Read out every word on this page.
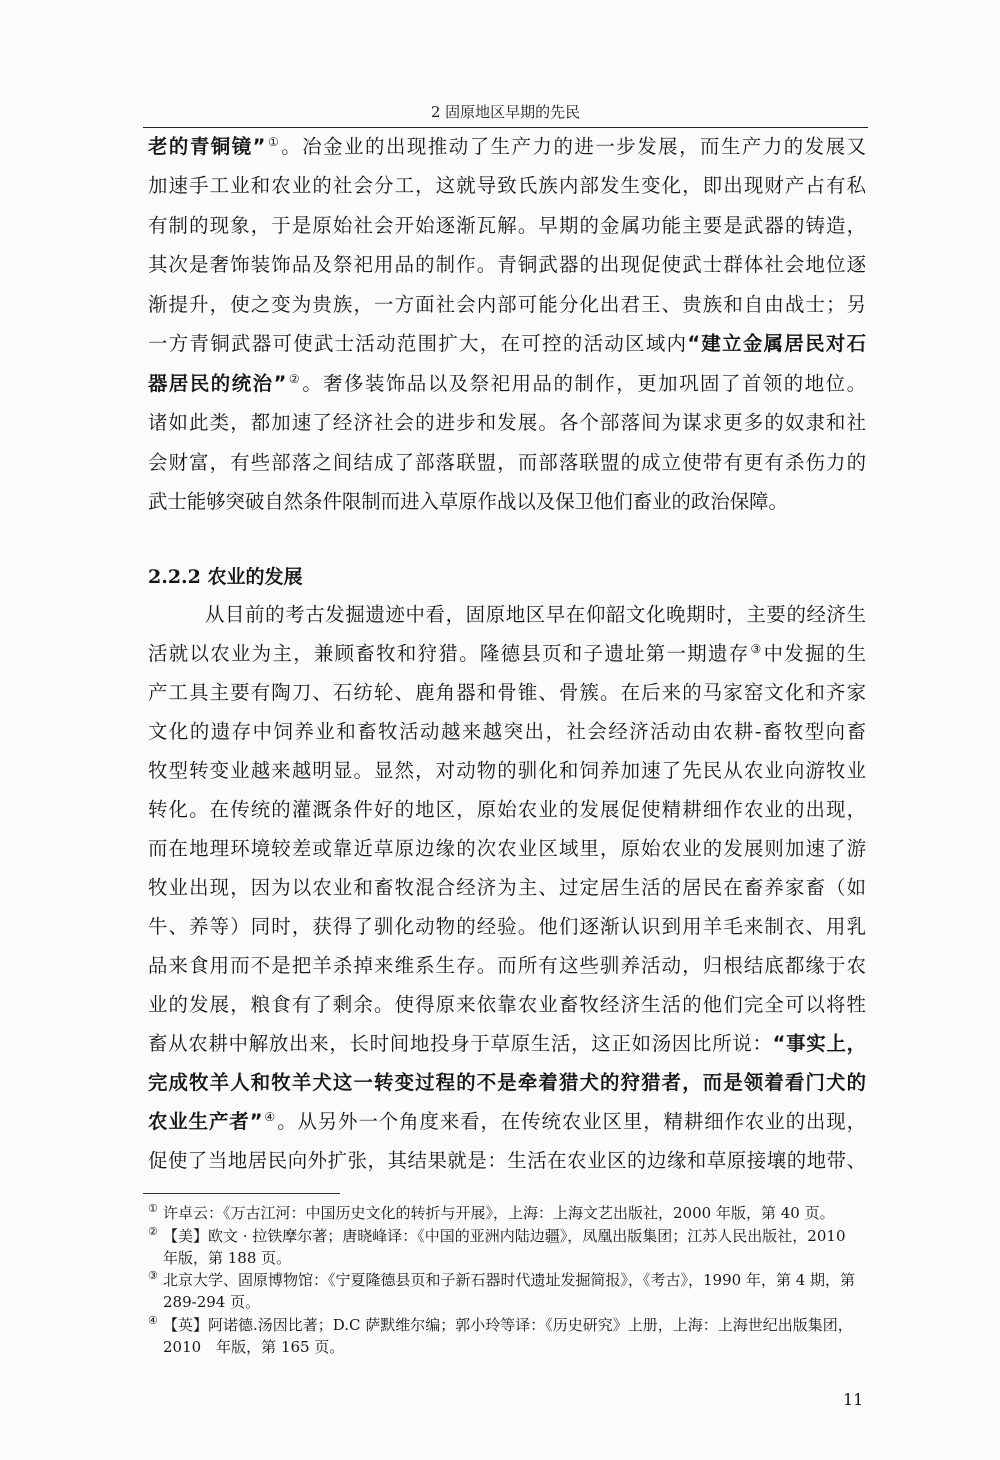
2 固原地区早期的先民
老的青铜镜”①。冶金业的出现推动了生产力的进一步发展，而生产力的发展又
加速手工业和农业的社会分工，这就导致氏族内部发生变化，即出现财产占有私
有制的现象，于是原始社会开始逐渐瓦解。早期的金属功能主要是武器的铸造，
其次是奢饰装饰品及祭祀用品的制作。青铜武器的出现促使武士群体社会地位逐
渐提升，使之变为贵族，一方面社会内部可能分化出君王、贵族和自由战士；另
一方青铜武器可使武士活动范围扩大，在可控的活动区域内“建立金属居民对石
器居民的统治”②。奢侈装饰品以及祭祀用品的制作，更加巩固了首领的地位。
诸如此类，都加速了经济社会的进步和发展。各个部落间为谋求更多的奴隶和社
会财富，有些部落之间结成了部落联盟，而部落联盟的成立使带有更有杀伤力的
武士能够突破自然条件限制而进入草原作战以及保卫他们畜业的政治保障。
2.2.2 农业的发展
从目前的考古发掘遗迹中看，固原地区早在仰韶文化晚期时，主要的经济生
活就以农业为主，兼顾畜牧和狩猎。隆德县页和子遗址第一期遗存③中发掘的生
产工具主要有陶刀、石纺轮、鹿角器和骨锥、骨簇。在后来的马家窑文化和齐家
文化的遗存中饲养业和畜牧活动越来越突出，社会经济活动由农耕-畜牧型向畜
牧型转变业越来越明显。显然，对动物的驯化和饲养加速了先民从农业向游牧业
转化。在传统的灌溉条件好的地区，原始农业的发展促使精耕细作农业的出现，
而在地理环境较差或靠近草原边缘的次农业区域里，原始农业的发展则加速了游
牧业出现，因为以农业和畜牧混合经济为主、过定居生活的居民在畜养家畜（如
牛、养等）同时，获得了驯化动物的经验。他们逐渐认识到用羊毛来制衣、用乳
品来食用而不是把羊杀掉来维系生存。而所有这些驯养活动，归根结底都缘于农
业的发展，粮食有了剩余。使得原来依靠农业畜牧经济生活的他们完全可以将牲
畜从农耕中解放出来，长时间地投身于草原生活，这正如汤因比所说：“事实上，
完成牧羊人和牧羊犬这一转变过程的不是牵着猎犬的狩猎者，而是领着看门犬的
农业生产者”④。从另外一个角度来看，在传统农业区里，精耕细作农业的出现，
促使了当地居民向外扩张，其结果就是：生活在农业区的边缘和草原接壤的地带、
① 许卓云：《万古江河：中国历史文化的转折与开展》，上海：上海文艺出版社，2000 年版，第 40 页。
② 【美】欧文 · 拉铁摩尔著；唐晓峰译：《中国的亚洲内陆边疆》，凤凰出版集团；江苏人民出版社，2010
年版，第 188 页。
③ 北京大学、固原博物馆：《宁夏隆德县页和子新石器时代遗址发掘简报》，《考古》，1990 年，第 4 期，第
289-294 页。
④ 【英】阿诺德.汤因比著；D.C 萨默维尔编；郭小玲等译：《历史研究》上册，上海：上海世纪出版集团，
2010　年版，第 165 页。
11
